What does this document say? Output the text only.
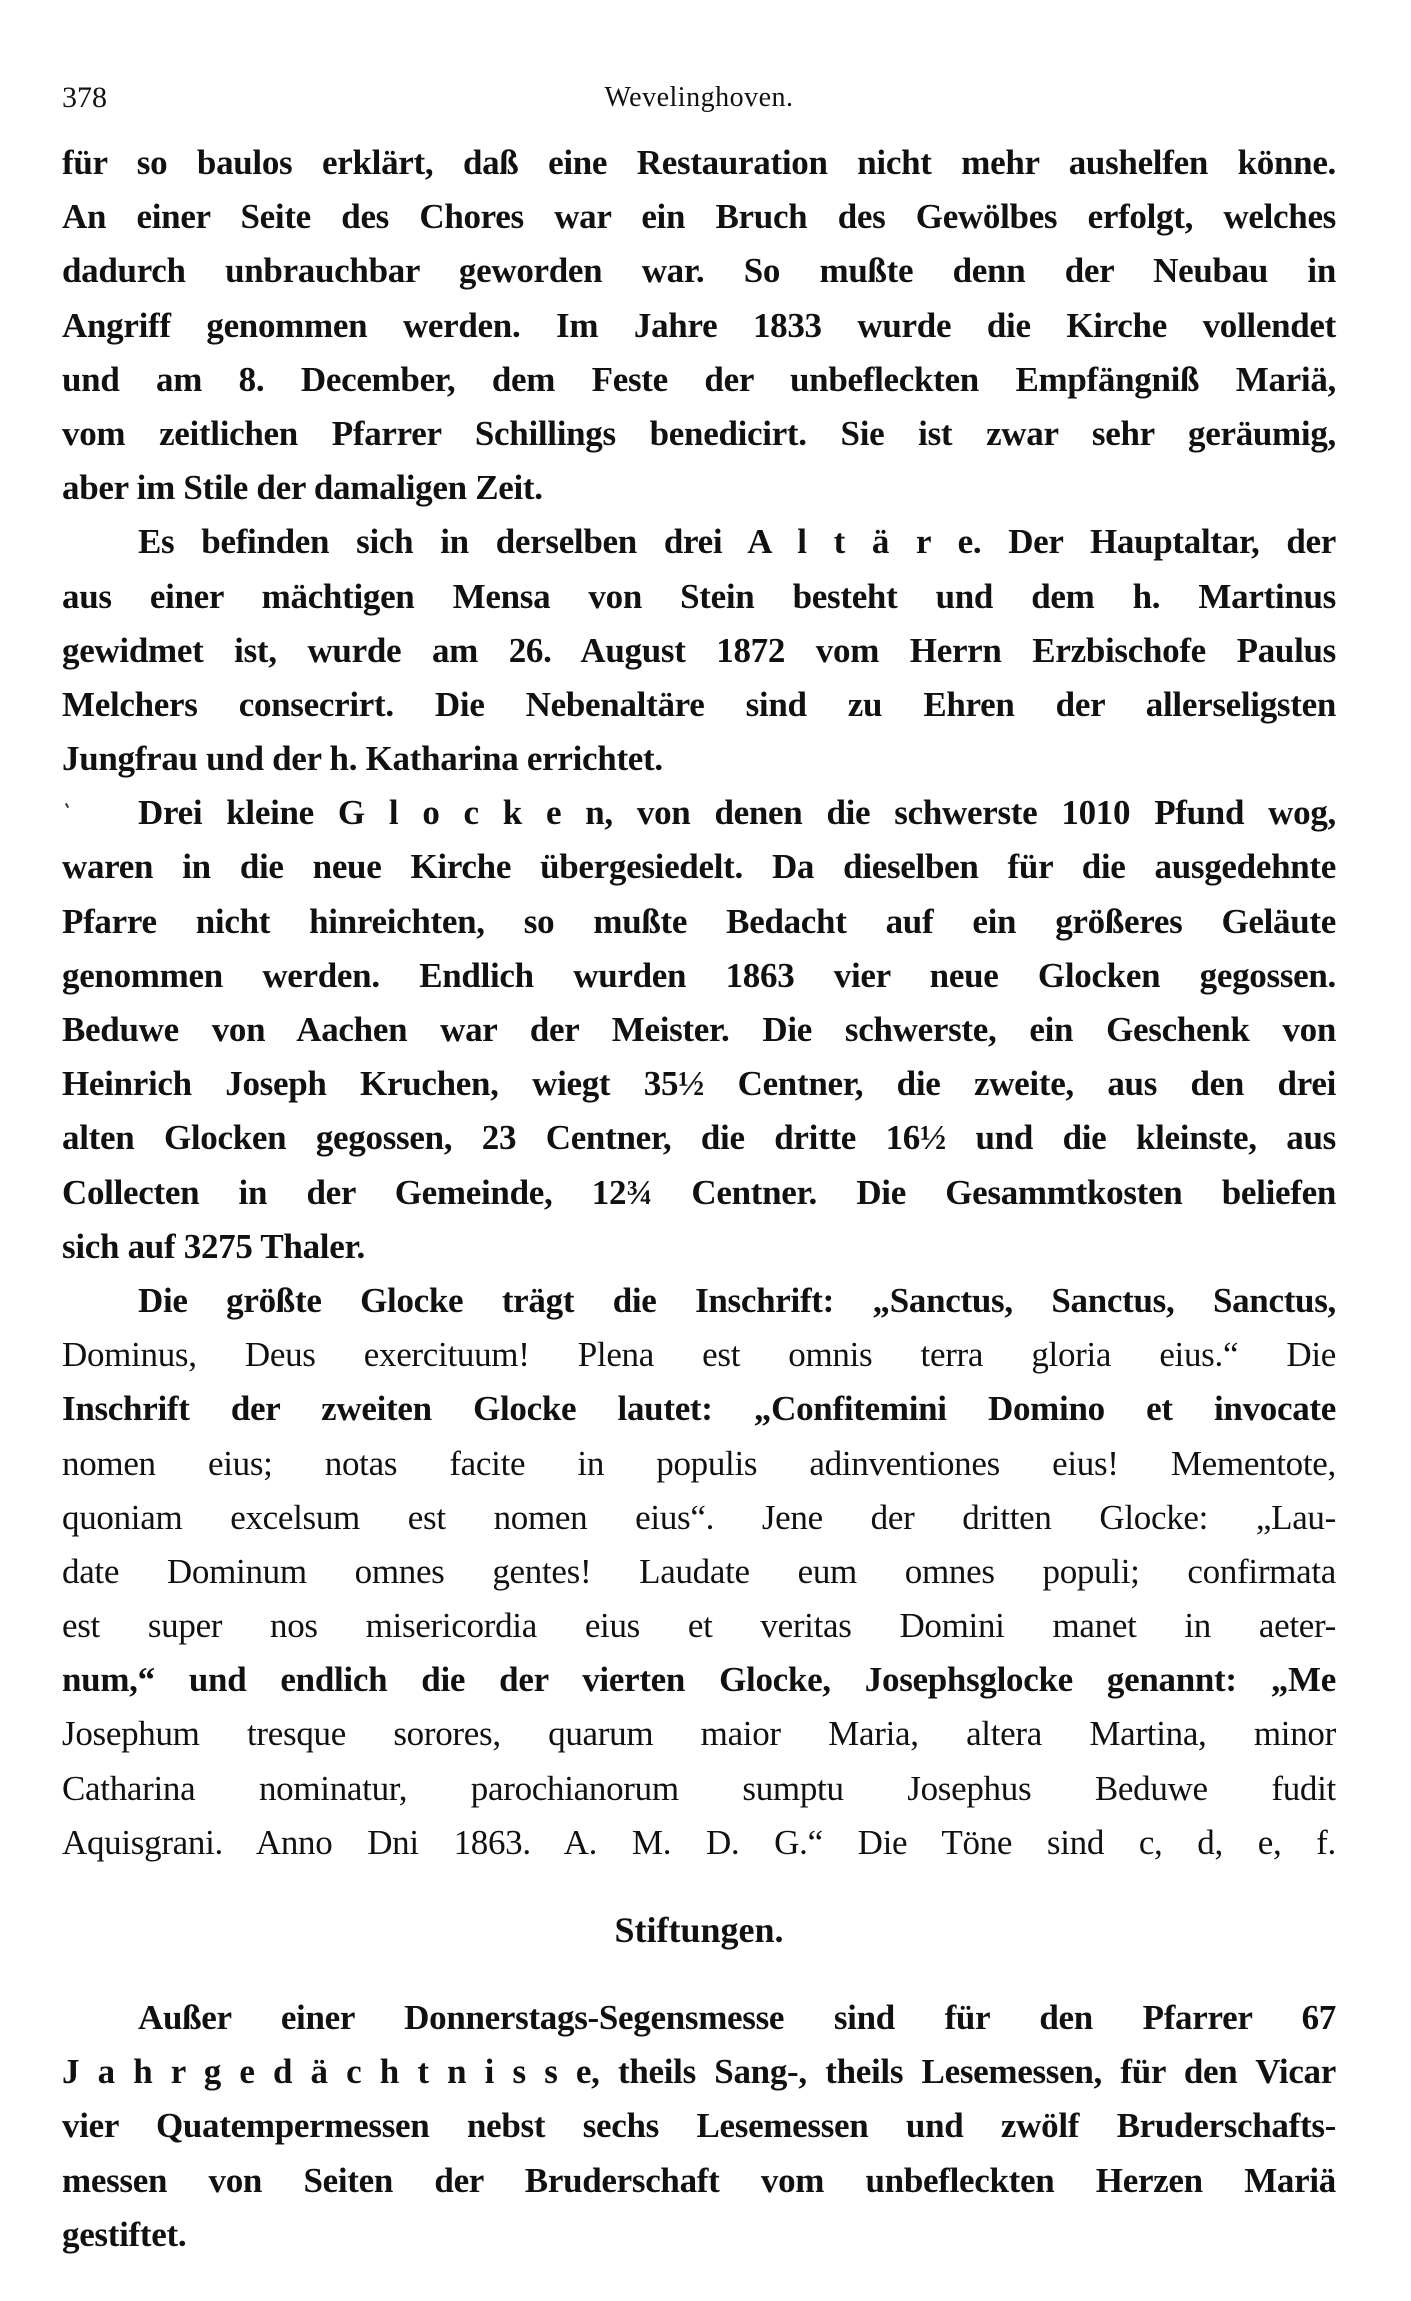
378	Wevelinghoven.
für so baulos erklärt, daß eine Restauration nicht mehr aushelfen könne.
An einer Seite des Chores war ein Bruch des Gewölbes erfolgt, welches
dadurch unbrauchbar geworden war. So mußte denn der Neubau in
Angriff genommen werden. Im Jahre 1833 wurde die Kirche vollendet
und am 8. December, dem Feste der unbefleckten Empfängniß Mariä,
vom zeitlichen Pfarrer Schillings benedicirt. Sie ist zwar sehr geräumig,
aber im Stile der damaligen Zeit.
Es befinden sich in derselben drei A l t ä r e. Der Hauptaltar, der
aus einer mächtigen Mensa von Stein besteht und dem h. Martinus
gewidmet ist, wurde am 26. August 1872 vom Herrn Erzbischofe Paulus
Melchers consecrirt. Die Nebenaltäre sind zu Ehren der allerseligsten
Jungfrau und der h. Katharina errichtet.
Drei kleine G l o c k e n, von denen die schwerste 1010 Pfund wog,
waren in die neue Kirche übergesiedelt. Da dieselben für die ausgedehnte
Pfarre nicht hinreichten, so mußte Bedacht auf ein größeres Geläute
genommen werden. Endlich wurden 1863 vier neue Glocken gegossen.
Beduwe von Aachen war der Meister. Die schwerste, ein Geschenk von
Heinrich Joseph Kruchen, wiegt 35½ Centner, die zweite, aus den drei
alten Glocken gegossen, 23 Centner, die dritte 16½ und die kleinste, aus
Collecten in der Gemeinde, 12¾ Centner. Die Gesammtkosten beliefen
sich auf 3275 Thaler.
Die größte Glocke trägt die Inschrift: „Sanctus, Sanctus, Sanctus,
Dominus, Deus exercituum! Plena est omnis terra gloria eius.“ Die
Inschrift der zweiten Glocke lautet: „Confitemini Domino et invocate
nomen eius; notas facite in populis adinventiones eius! Mementote,
quoniam excelsum est nomen eius“. Jene der dritten Glocke: „Lau-
date Dominum omnes gentes! Laudate eum omnes populi; confirmata
est super nos misericordia eius et veritas Domini manet in aeter-
num,“ und endlich die der vierten Glocke, Josephsglocke genannt: „Me
Josephum tresque sorores, quarum maior Maria, altera Martina, minor
Catharina nominatur, parochianorum sumptu Josephus Beduwe fudit
Aquisgrani. Anno Dni 1863. A. M. D. G.“ Die Töne sind c, d, e, f.
Stiftungen.
Außer einer Donnerstags-Segensmesse sind für den Pfarrer 67
J a h r g e d ä c h t n i s s e, theils Sang-, theils Lesemessen, für den Vicar
vier Quatempermessen nebst sechs Lesemessen und zwölf Bruderschafts-
messen von Seiten der Bruderschaft vom unbefleckten Herzen Mariä
gestiftet.
